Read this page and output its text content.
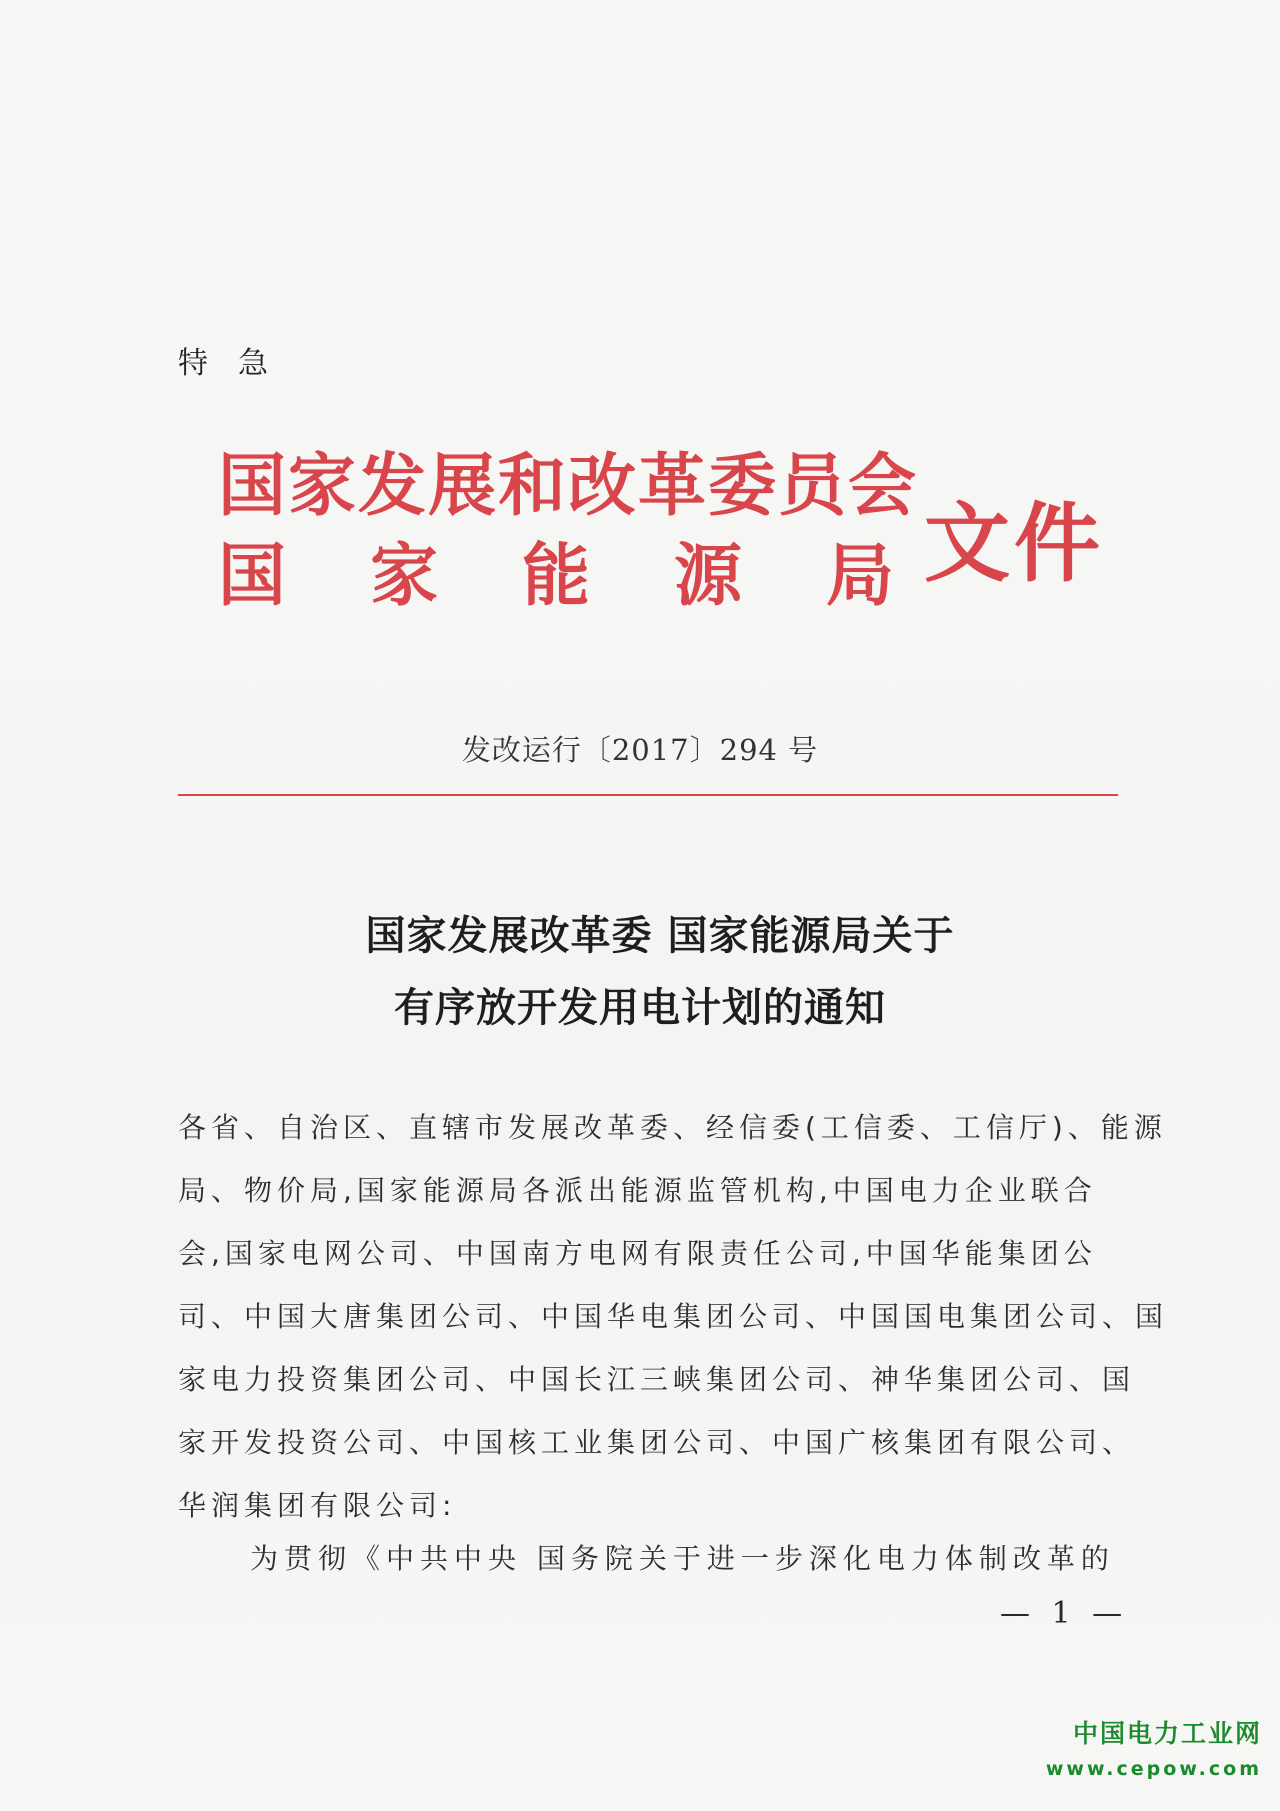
特急
国家发展和改革委员会
国家能源局
文件
发改运行〔2017〕294 号
国家发展改革委 国家能源局关于
有序放开发用电计划的通知
各省、自治区、直辖市发展改革委、经信委(工信委、工信厅)、能源
局、物价局,国家能源局各派出能源监管机构,中国电力企业联合
会,国家电网公司、中国南方电网有限责任公司,中国华能集团公
司、中国大唐集团公司、中国华电集团公司、中国国电集团公司、国
家电力投资集团公司、中国长江三峡集团公司、神华集团公司、国
家开发投资公司、中国核工业集团公司、中国广核集团有限公司、
华润集团有限公司:
为贯彻《中共中央 国务院关于进一步深化电力体制改革的
— 1 —
中国电力工业网
www.cepow.com
